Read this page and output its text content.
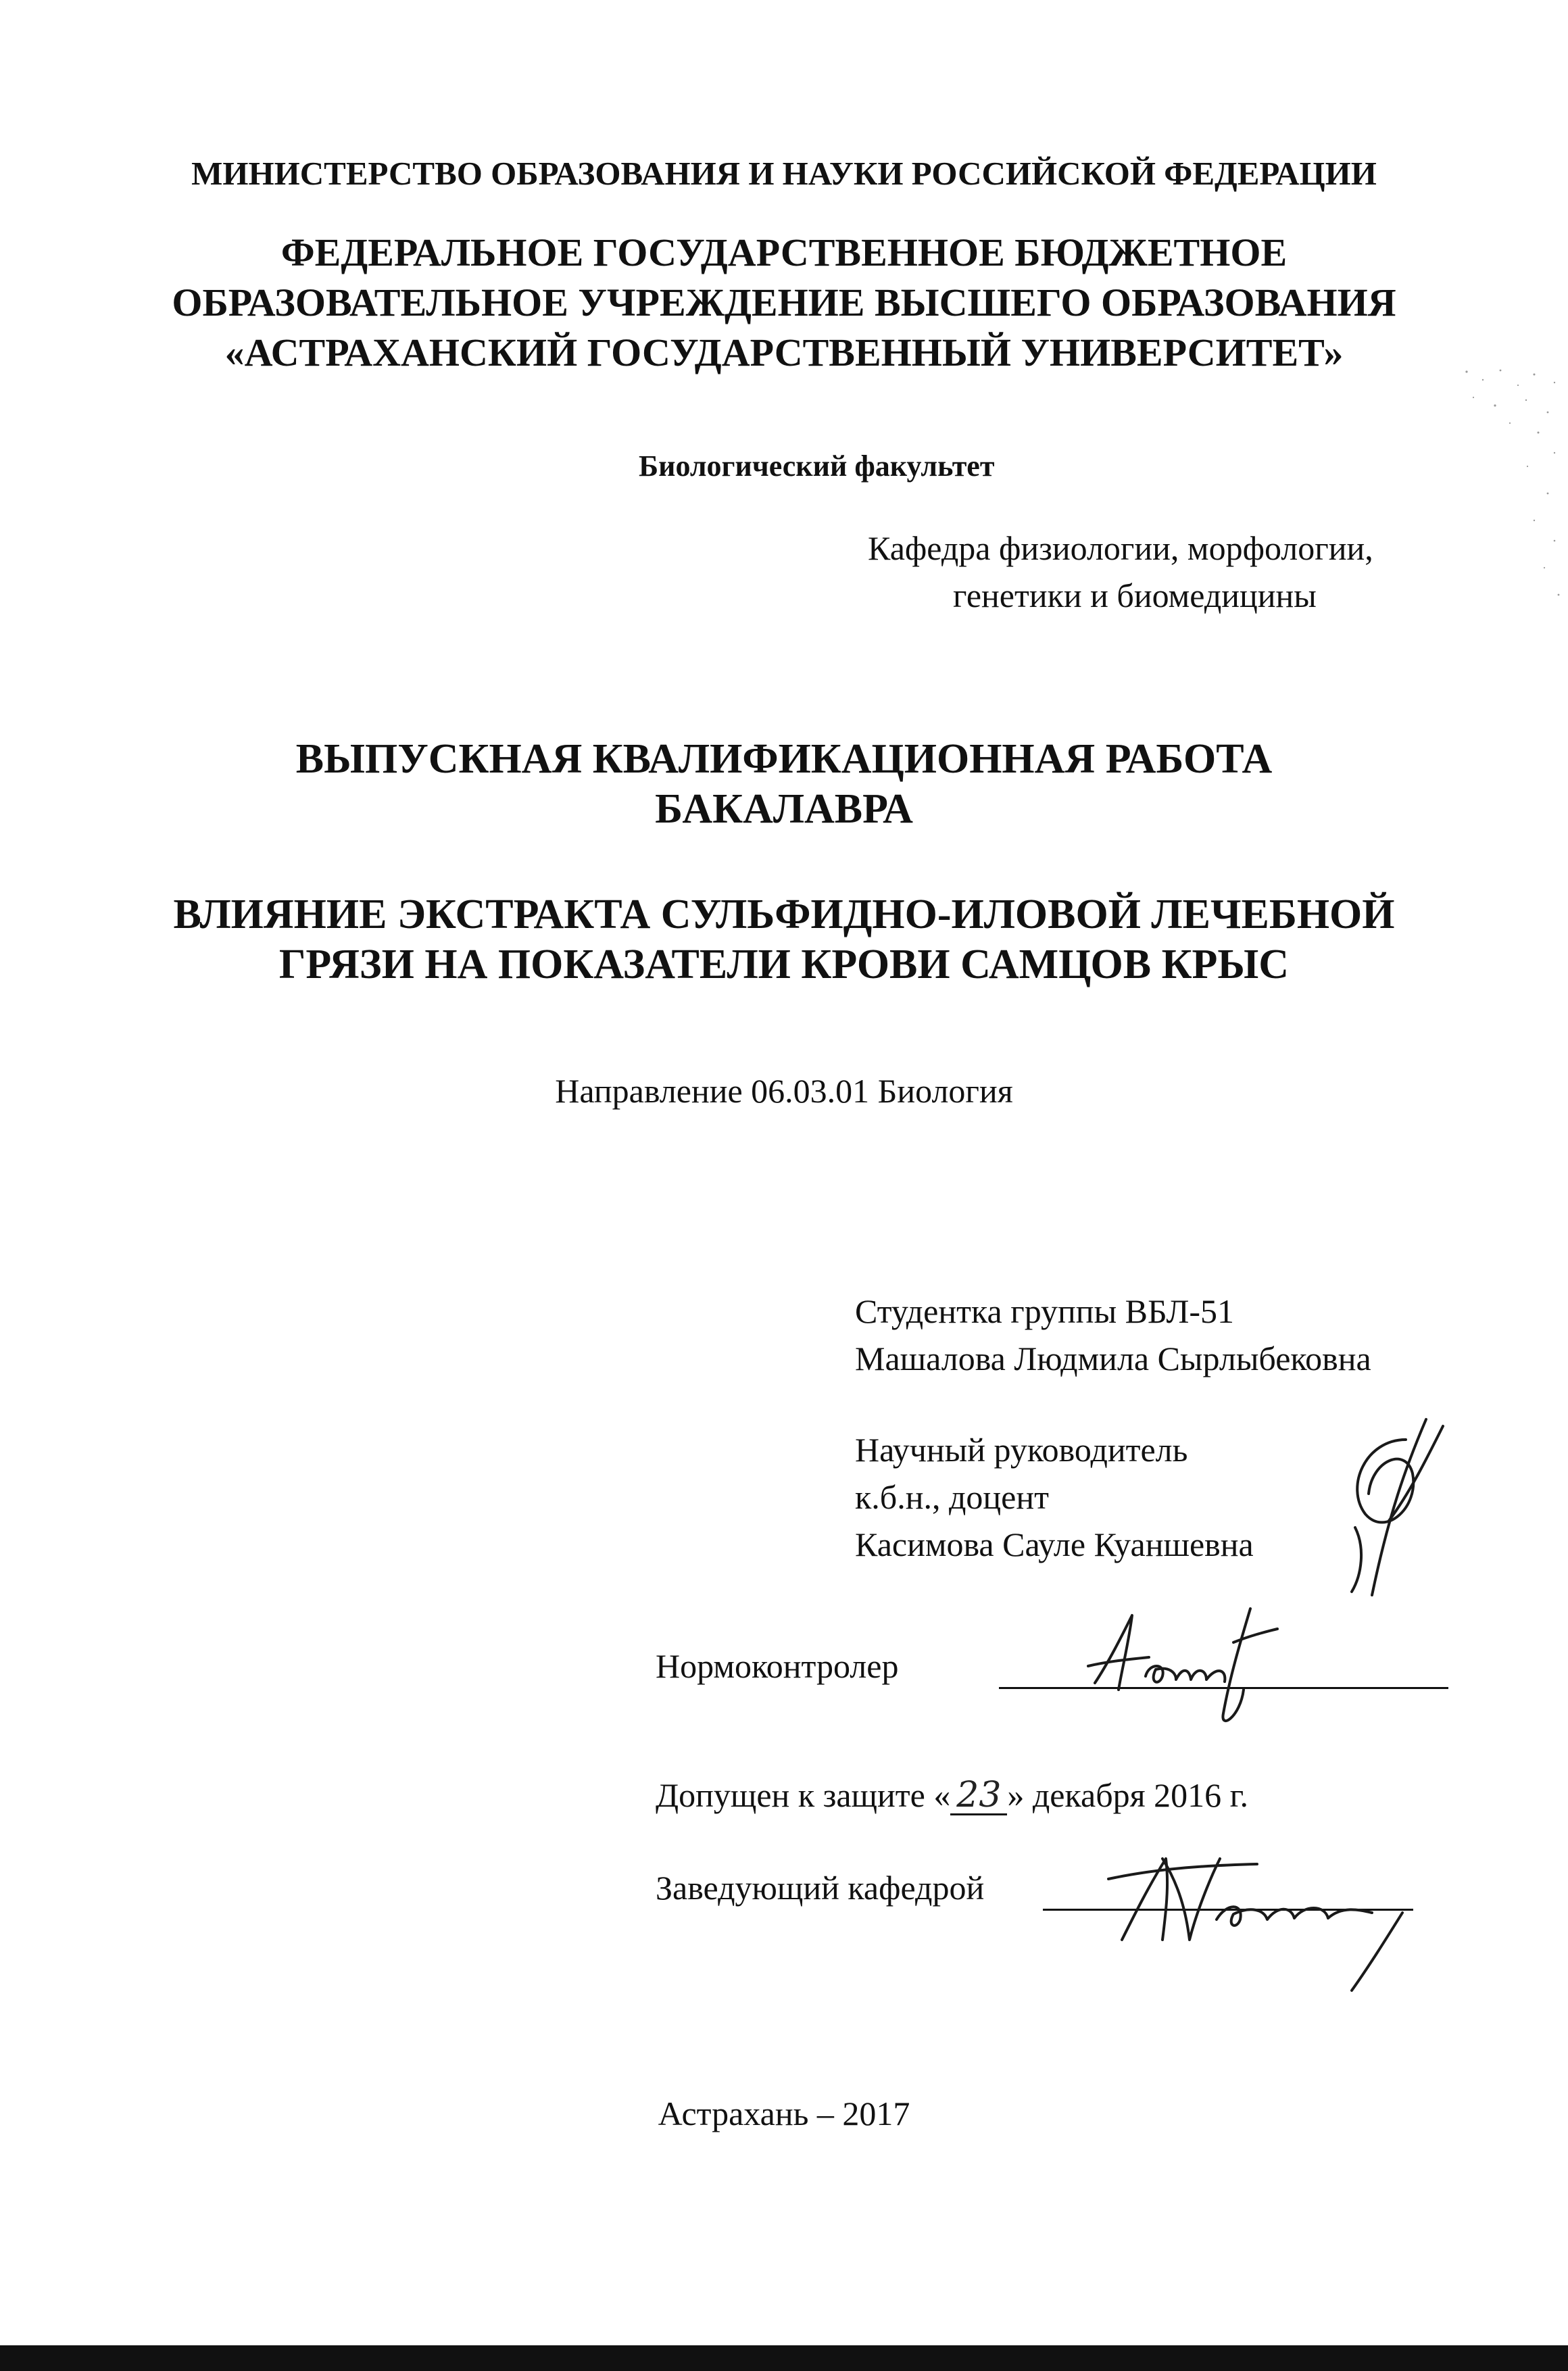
МИНИСТЕРСТВО ОБРАЗОВАНИЯ И НАУКИ РОССИЙСКОЙ ФЕДЕРАЦИИ
ФЕДЕРАЛЬНОЕ ГОСУДАРСТВЕННОЕ БЮДЖЕТНОЕ
ОБРАЗОВАТЕЛЬНОЕ УЧРЕЖДЕНИЕ ВЫСШЕГО ОБРАЗОВАНИЯ
«АСТРАХАНСКИЙ ГОСУДАРСТВЕННЫЙ УНИВЕРСИТЕТ»
Биологический факультет
Кафедра физиологии, морфологии,
генетики и биомедицины
ВЫПУСКНАЯ КВАЛИФИКАЦИОННАЯ РАБОТА
БАКАЛАВРА
ВЛИЯНИЕ ЭКСТРАКТА СУЛЬФИДНО-ИЛОВОЙ ЛЕЧЕБНОЙ
ГРЯЗИ НА ПОКАЗАТЕЛИ КРОВИ САМЦОВ КРЫС
Направление 06.03.01 Биология
Студентка группы ВБЛ-51
Машалова Людмила Сырлыбековна
Научный руководитель
к.б.н., доцент
Касимова Сауле Куаншевна
Нормоконтролер
Допущен к защите « 23 » декабря 2016 г.
Заведующий кафедрой
Астрахань – 2017
